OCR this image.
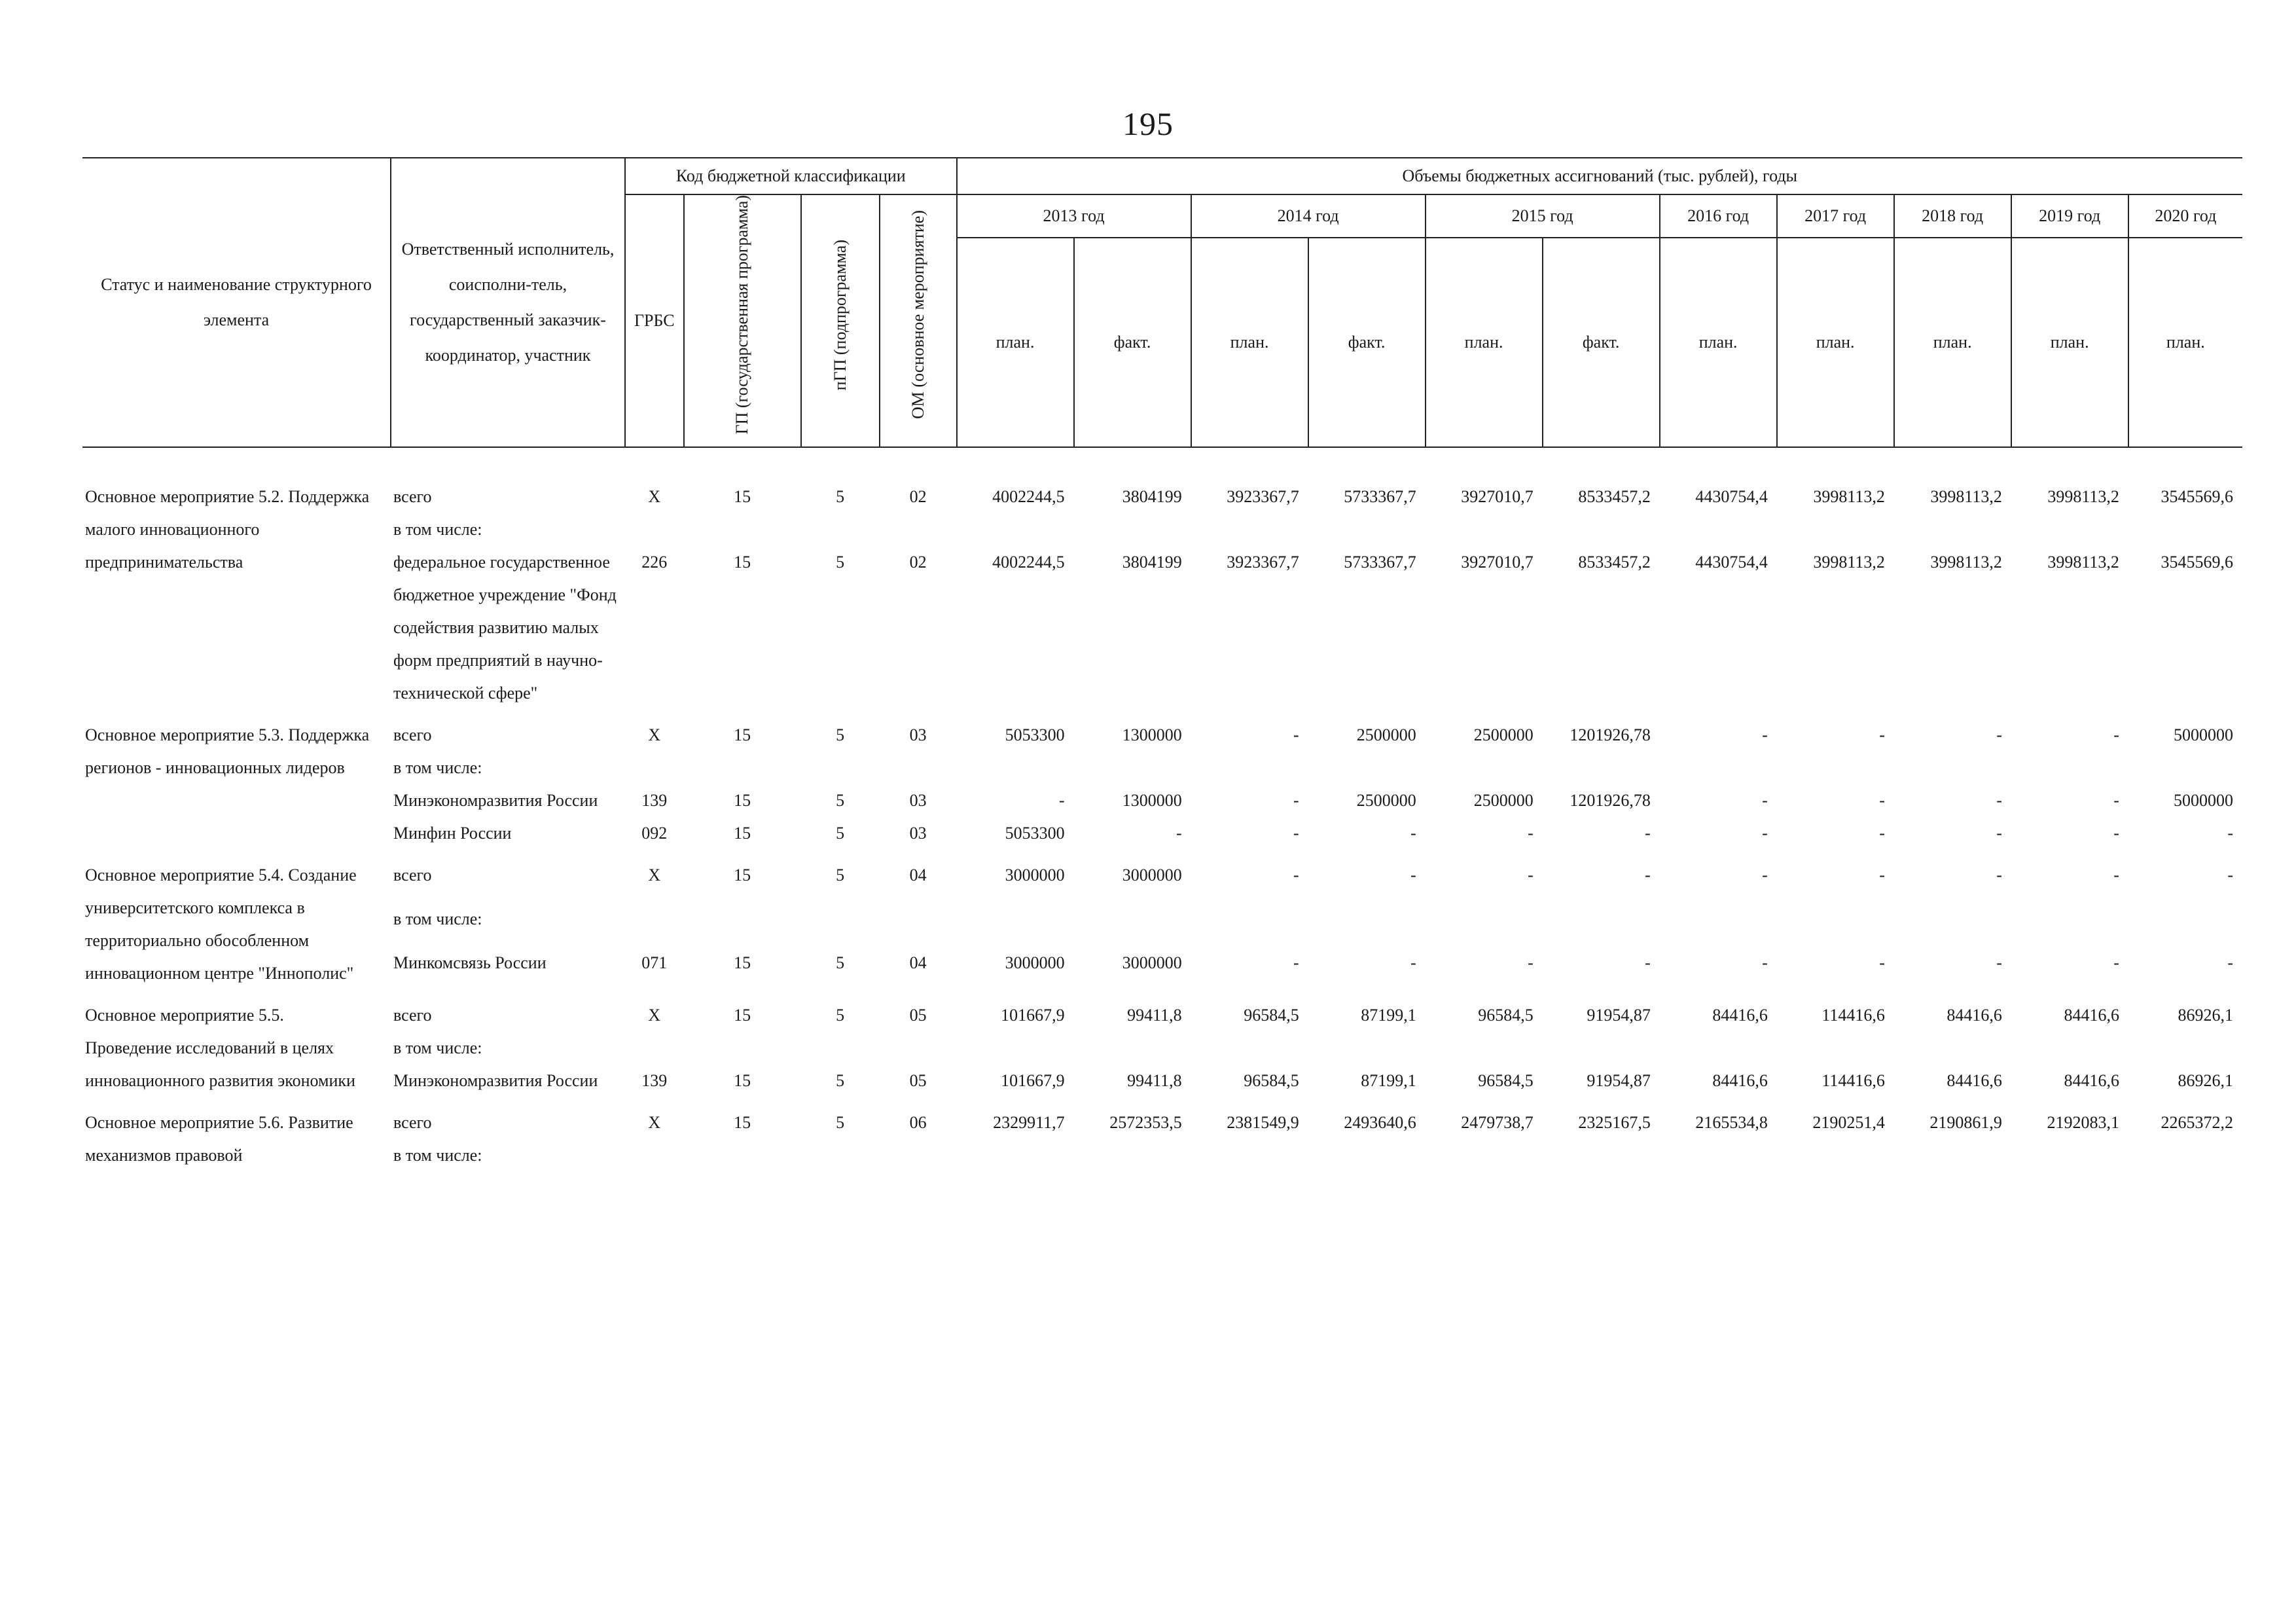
195
Статус и наименование структурного элемента	Ответственный исполнитель, соисполни-тель, государственный заказчик-координатор, участник	Код бюджетной классификации				Объемы бюджетных ассигнований (тыс. рублей), годы										
		ГРБС	ГП (государственная программа)	пГП (подпрограмма)	ОМ (основное мероприятие)	2013 год		2014 год		2015 год		2016 год	2017 год	2018 год	2019 год	2020 год
						план.	факт.	план.	факт.	план.	факт.	план.	план.	план.	план.	план.
Основное мероприятие 5.2. Поддержка малого инновационного предпринимательства	всего	X	15	5	02	4002244,5	3804199	3923367,7	5733367,7	3927010,7	8533457,2	4430754,4	3998113,2	3998113,2	3998113,2	3545569,6
	в том числе:															
	федеральное государственное бюджетное учреждение "Фонд содействия развитию малых форм предприятий в научно-технической сфере"	226	15	5	02	4002244,5	3804199	3923367,7	5733367,7	3927010,7	8533457,2	4430754,4	3998113,2	3998113,2	3998113,2	3545569,6

Основное мероприятие 5.3. Поддержка регионов - инновационных лидеров	всего	X	15	5	03	5053300	1300000	-	2500000	2500000	1201926,78	-	-	-	-	5000000
	в том числе:															
	Минэкономразвития России	139	15	5	03	-	1300000	-	2500000	2500000	1201926,78	-	-	-	-	5000000
	Минфин России	092	15	5	03	5053300	-	-	-	-	-	-	-	-	-	-

Основное мероприятие 5.4. Создание университетского комплекса в территориально обособленном инновационном центре "Иннополис"	всего	X	15	5	04	3000000	3000000	-	-	-	-	-	-	-	-	-
	в том числе:															
	Минкомсвязь России	071	15	5	04	3000000	3000000	-	-	-	-	-	-	-	-	-

Основное мероприятие 5.5. Проведение исследований в целях инновационного развития экономики	всего	X	15	5	05	101667,9	99411,8	96584,5	87199,1	96584,5	91954,87	84416,6	114416,6	84416,6	84416,6	86926,1
	в том числе:															
	Минэкономразвития России	139	15	5	05	101667,9	99411,8	96584,5	87199,1	96584,5	91954,87	84416,6	114416,6	84416,6	84416,6	86926,1

Основное мероприятие 5.6. Развитие механизмов правовой	всего	X	15	5	06	2329911,7	2572353,5	2381549,9	2493640,6	2479738,7	2325167,5	2165534,8	2190251,4	2190861,9	2192083,1	2265372,2
	в том числе:															
